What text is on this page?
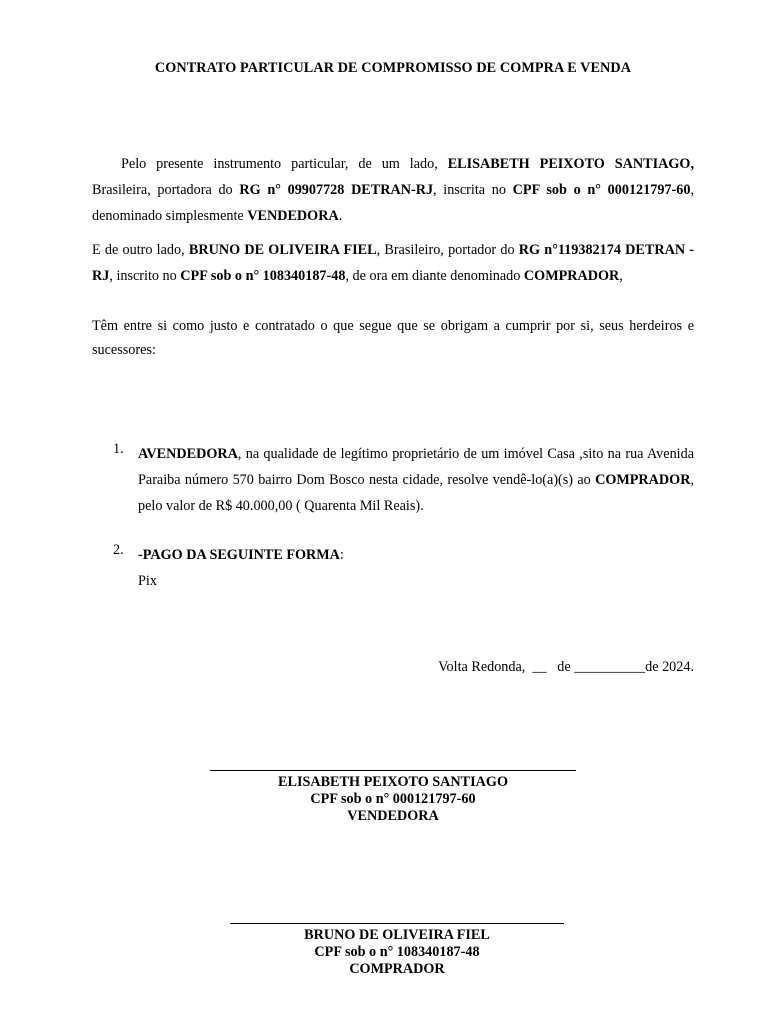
CONTRATO PARTICULAR DE COMPROMISSO DE COMPRA E VENDA

Pelo presente instrumento particular, de um lado, ELISABETH PEIXOTO SANTIAGO, Brasileira, portadora do RG n° 09907728 DETRAN-RJ, inscrita no CPF sob o n° 000121797-60, denominado simplesmente VENDEDORA.

E de outro lado, BRUNO DE OLIVEIRA FIEL, Brasileiro, portador do RG n°119382174 DETRAN - RJ, inscrito no CPF sob o n° 108340187-48, de ora em diante denominado COMPRADOR,

Têm entre si como justo e contratado o que segue que se obrigam a cumprir por si, seus herdeiros e sucessores:

1. AVENDEDORA, na qualidade de legítimo proprietário de um imóvel Casa ,sito na rua Avenida Paraiba número 570 bairro Dom Bosco nesta cidade, resolve vendê-lo(a)(s) ao COMPRADOR, pelo valor de R$ 40.000,00 ( Quarenta Mil Reais).
2. -PAGO DA SEGUINTE FORMA:
Pix
Volta Redonda,  __   de __________de 2024.
ELISABETH PEIXOTO SANTIAGO
CPF sob o n° 000121797-60
VENDEDORA
BRUNO DE OLIVEIRA FIEL
CPF sob o n° 108340187-48
COMPRADOR
